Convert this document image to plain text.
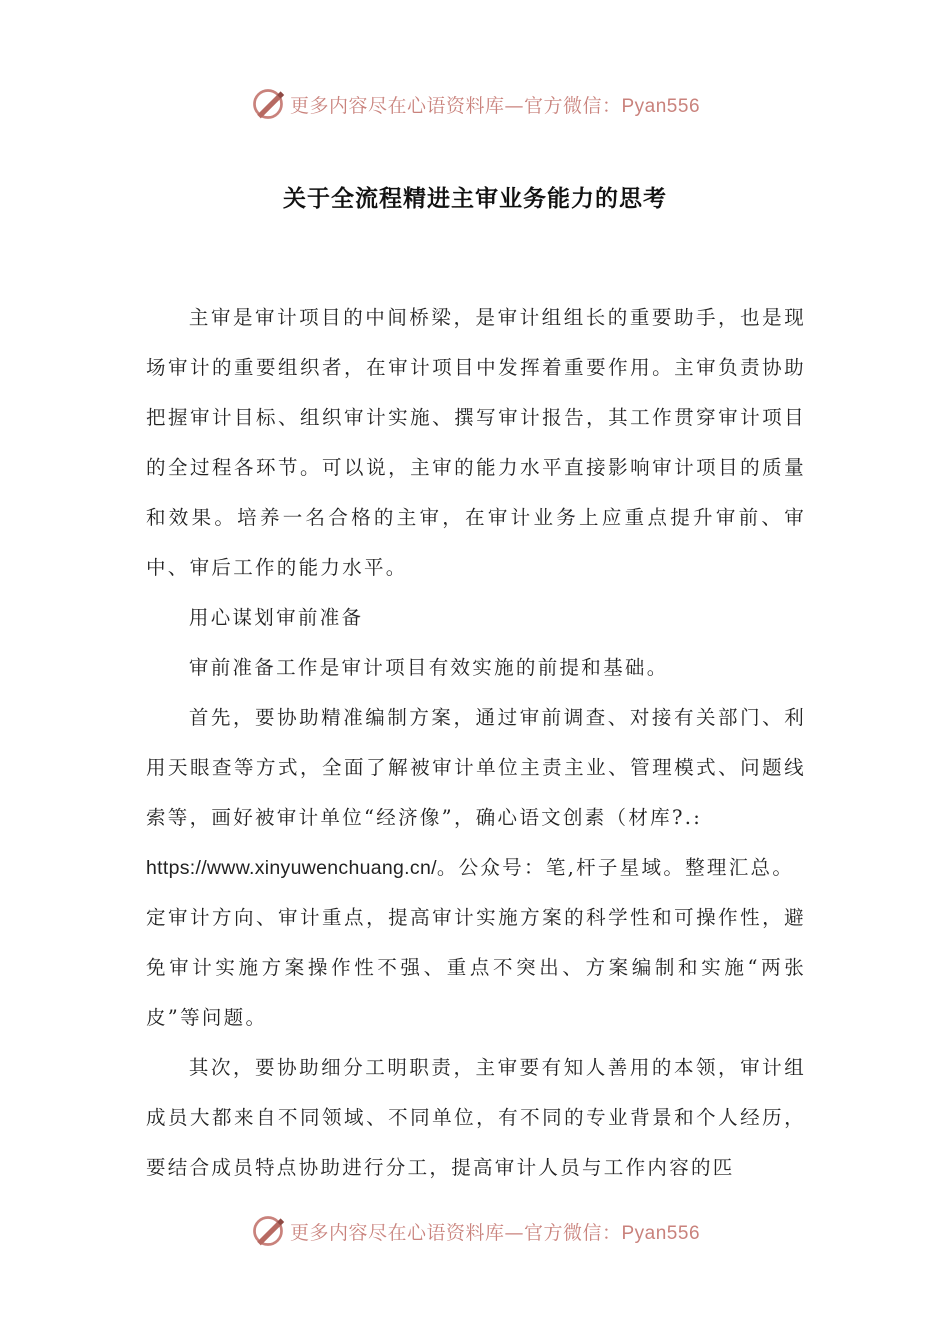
更多内容尽在心语资料库—官方微信：Pyan556
关于全流程精进主审业务能力的思考

主审是审计项目的中间桥梁，是审计组组长的重要助手，也是现场审计的重要组织者，在审计项目中发挥着重要作用。主审负责协助把握审计目标、组织审计实施、撰写审计报告，其工作贯穿审计项目的全过程各环节。可以说，主审的能力水平直接影响审计项目的质量和效果。培养一名合格的主审，在审计业务上应重点提升审前、审中、审后工作的能力水平。

用心谋划审前准备

审前准备工作是审计项目有效实施的前提和基础。

首先，要协助精准编制方案，通过审前调查、对接有关部门、利用天眼查等方式，全面了解被审计单位主责主业、管理模式、问题线索等，画好被审计单位“经济像”，确心语文创素（材库?.:

https://www.xinyuwenchuang.cn/。公众号：笔,杆子星域。整理汇总。

定审计方向、审计重点，提高审计实施方案的科学性和可操作性，避免审计实施方案操作性不强、重点不突出、方案编制和实施“两张皮”等问题。

其次，要协助细分工明职责，主审要有知人善用的本领，审计组成员大都来自不同领域、不同单位，有不同的专业背景和个人经历，要结合成员特点协助进行分工，提高审计人员与工作内容的匹

更多内容尽在心语资料库—官方微信：Pyan556
